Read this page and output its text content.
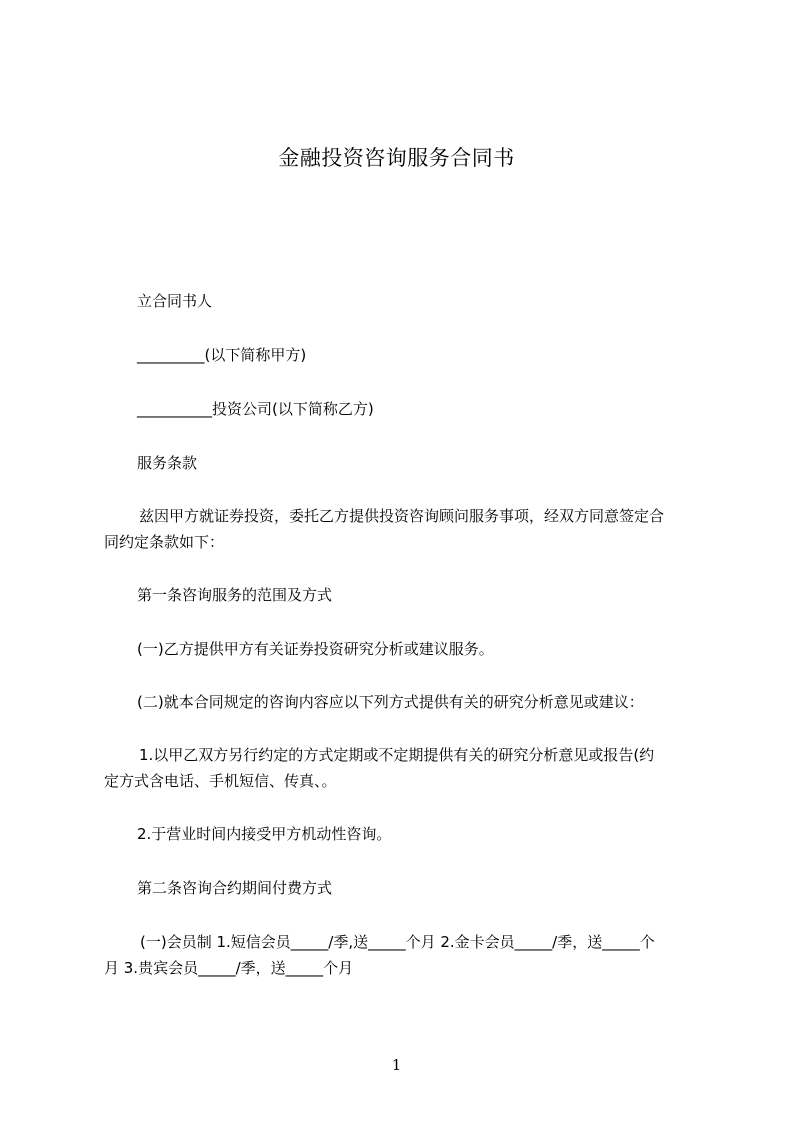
金融投资咨询服务合同书
立合同书人
_________(以下简称甲方)
__________投资公司(以下简称乙方)
服务条款
兹因甲方就证券投资，委托乙方提供投资咨询顾问服务事项，经双方同意签定合
同约定条款如下：
第一条咨询服务的范围及方式
(一)乙方提供甲方有关证券投资研究分析或建议服务。
(二)就本合同规定的咨询内容应以下列方式提供有关的研究分析意见或建议：
1.以甲乙双方另行约定的方式定期或不定期提供有关的研究分析意见或报告(约
定方式含电话、手机短信、传真、。
2.于营业时间内接受甲方机动性咨询。
第二条咨询合约期间付费方式
(一)会员制 1.短信会员_____/季,送_____个月 2.金卡会员_____/季，送_____个
月 3.贵宾会员_____/季，送_____个月
1
